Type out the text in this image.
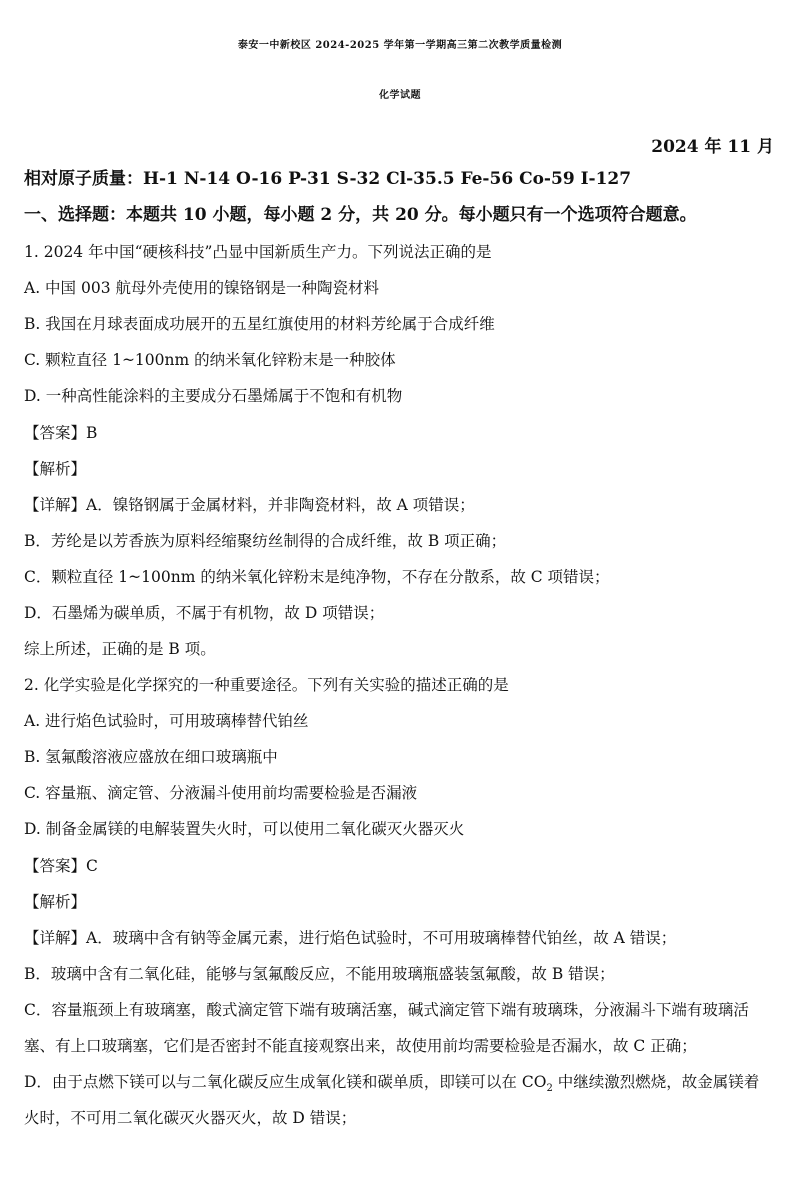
泰安一中新校区 2024-2025 学年第一学期高三第二次教学质量检测
化学试题
2024 年 11 月
相对原子质量：H-1 N-14 O-16 P-31 S-32 Cl-35.5 Fe-56 Co-59 I-127
一、选择题：本题共 10 小题，每小题 2 分，共 20 分。每小题只有一个选项符合题意。
1. 2024 年中国“硬核科技”凸显中国新质生产力。下列说法正确的是
A. 中国 003 航母外壳使用的镍铬钢是一种陶瓷材料
B. 我国在月球表面成功展开的五星红旗使用的材料芳纶属于合成纤维
C. 颗粒直径 1~100nm 的纳米氧化锌粉末是一种胶体
D. 一种高性能涂料的主要成分石墨烯属于不饱和有机物
【答案】B
【解析】
【详解】A．镍铬钢属于金属材料，并非陶瓷材料，故 A 项错误；
B．芳纶是以芳香族为原料经缩聚纺丝制得的合成纤维，故 B 项正确；
C．颗粒直径 1~100nm 的纳米氧化锌粉末是纯净物，不存在分散系，故 C 项错误；
D．石墨烯为碳单质，不属于有机物，故 D 项错误；
综上所述，正确的是 B 项。
2. 化学实验是化学探究的一种重要途径。下列有关实验的描述正确的是
A. 进行焰色试验时，可用玻璃棒替代铂丝
B. 氢氟酸溶液应盛放在细口玻璃瓶中
C. 容量瓶、滴定管、分液漏斗使用前均需要检验是否漏液
D. 制备金属镁的电解装置失火时，可以使用二氧化碳灭火器灭火
【答案】C
【解析】
【详解】A．玻璃中含有钠等金属元素，进行焰色试验时，不可用玻璃棒替代铂丝，故 A 错误；
B．玻璃中含有二氧化硅，能够与氢氟酸反应，不能用玻璃瓶盛装氢氟酸，故 B 错误；
C．容量瓶颈上有玻璃塞，酸式滴定管下端有玻璃活塞，碱式滴定管下端有玻璃珠，分液漏斗下端有玻璃活
塞、有上口玻璃塞，它们是否密封不能直接观察出来，故使用前均需要检验是否漏水，故 C 正确；
D．由于点燃下镁可以与二氧化碳反应生成氧化镁和碳单质，即镁可以在 $CO_2$ 中继续激烈燃烧，故金属镁着
火时，不可用二氧化碳灭火器灭火，故 D 错误；
